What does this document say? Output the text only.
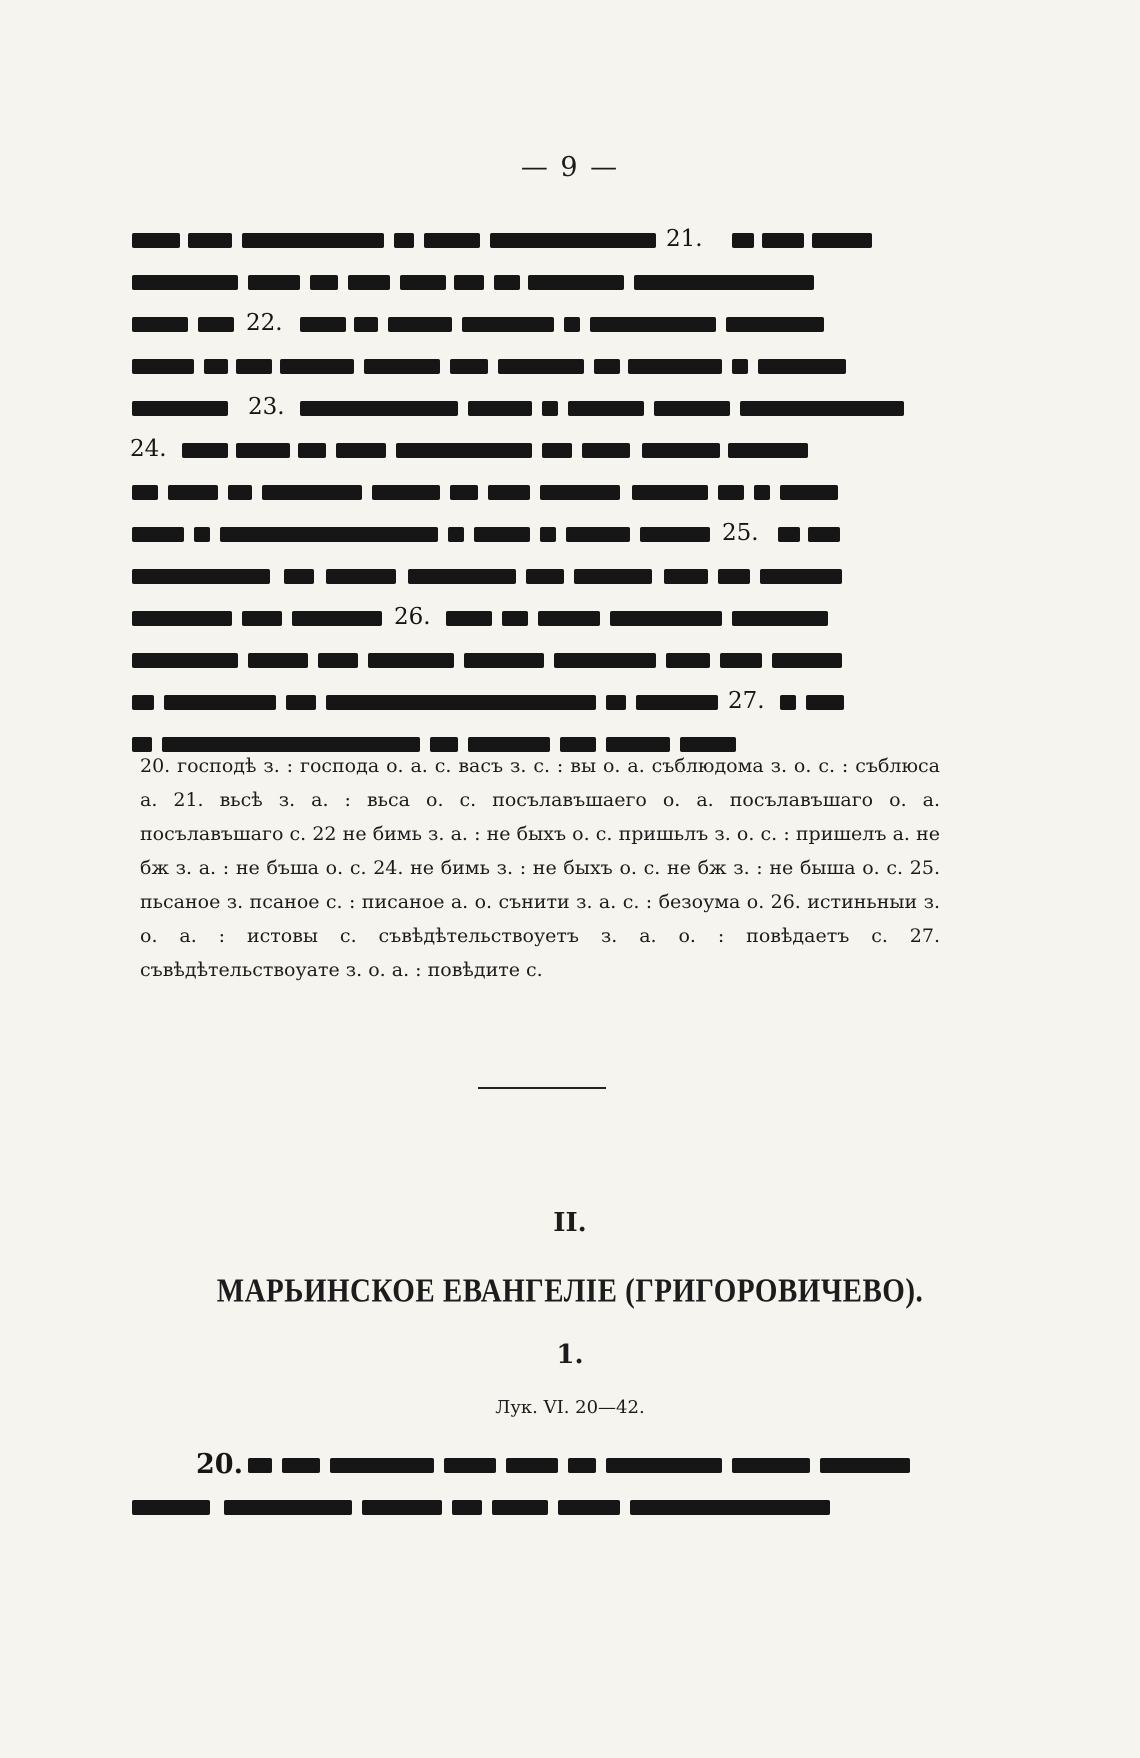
— 9 —
21.
22.
23.
24.
25.
26.
27.

20. господѣ з. : господа о. а. с. васъ з. с. : вы о. а. съблюдома з. о. с. : съблюса а. 21. вьсѣ з. а. : вьса о. с. посълавъшаего о. а. посълавъшаго о. а. посълавъшаго с. 22 не бимь з. а. : не быхъ о. с. пришьлъ з. о. с. : пришелъ а. не бж з. а. : не бъша о. с. 24. не бимь з. : не быхъ о. с. не бж з. : не быша о. с. 25. пьсаное з. псаное с. : писаное а. о. сънити з. а. с. : безоума о. 26. истиньныи з. о. а. : истовы с. съвѣдѣтельствоуетъ з. а. о. : повѣдаетъ с. 27. съвѣдѣтельствоуате з. о. а. : повѣдите с.

II.
МАРЬИНСКОЕ ЕВАНГЕЛІЕ (ГРИГОРОВИЧЕВО).
1.
Лук. VI. 20—42.
20.
